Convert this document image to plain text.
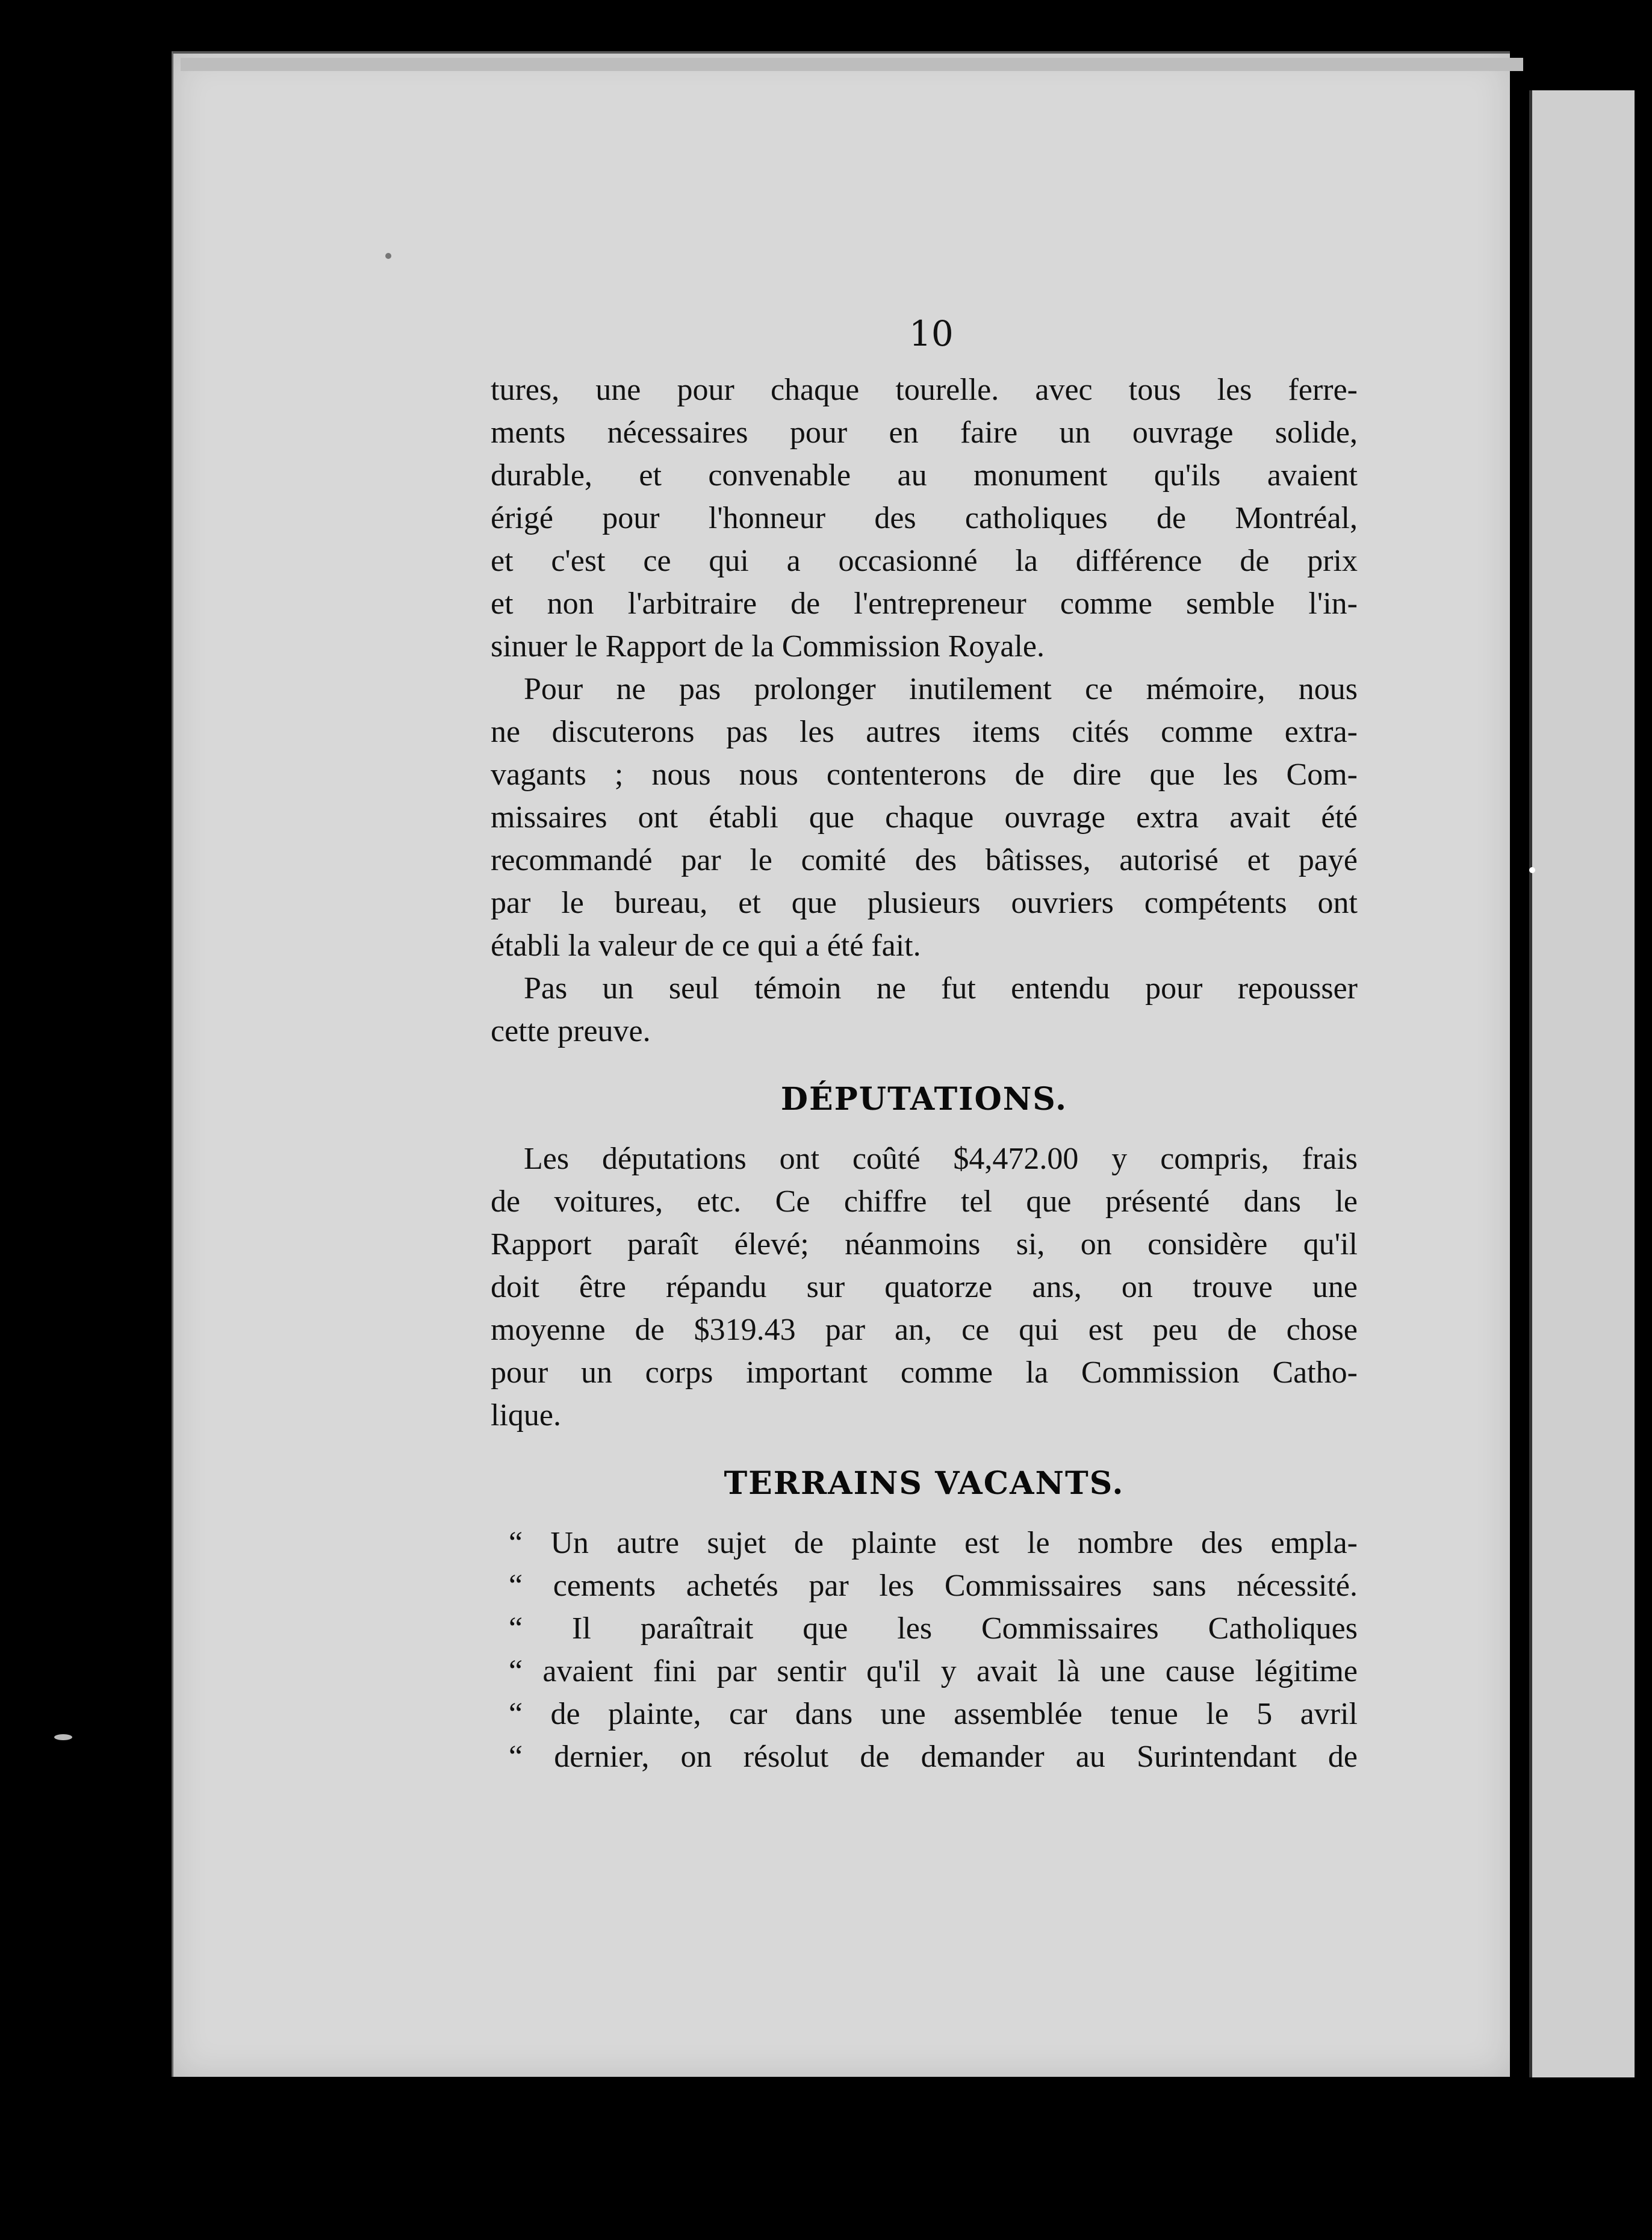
10

tures, une pour chaque tourelle. avec tous les ferre-

ments nécessaires pour en faire un ouvrage solide,

durable, et convenable au monument qu'ils avaient

érigé pour l'honneur des catholiques de Montréal,

et c'est ce qui a occasionné la différence de prix

et non l'arbitraire de l'entrepreneur comme semble l'in-

sinuer le Rapport de la Commission Royale.

Pour ne pas prolonger inutilement ce mémoire, nous

ne discuterons pas les autres items cités comme extra-

vagants ; nous nous contenterons de dire que les Com-

missaires ont établi que chaque ouvrage extra avait été

recommandé par le comité des bâtisses, autorisé et payé

par le bureau, et que plusieurs ouvriers compétents ont

établi la valeur de ce qui a été fait.

Pas un seul témoin ne fut entendu pour repousser

cette preuve.

DÉPUTATIONS.

Les députations ont coûté $4,472.00 y compris, frais

de voitures, etc. Ce chiffre tel que présenté dans le

Rapport paraît élevé; néanmoins si, on considère qu'il

doit être répandu sur quatorze ans, on trouve une

moyenne de $319.43 par an, ce qui est peu de chose

pour un corps important comme la Commission Catho-

lique.

TERRAINS VACANTS.

“ Un autre sujet de plainte est le nombre des empla-

“ cements achetés par les Commissaires sans nécessité.

“ Il paraîtrait que les Commissaires Catholiques

“ avaient fini par sentir qu'il y avait là une cause légitime

“ de plainte, car dans une assemblée tenue le 5 avril

“ dernier, on résolut de demander au Surintendant de
